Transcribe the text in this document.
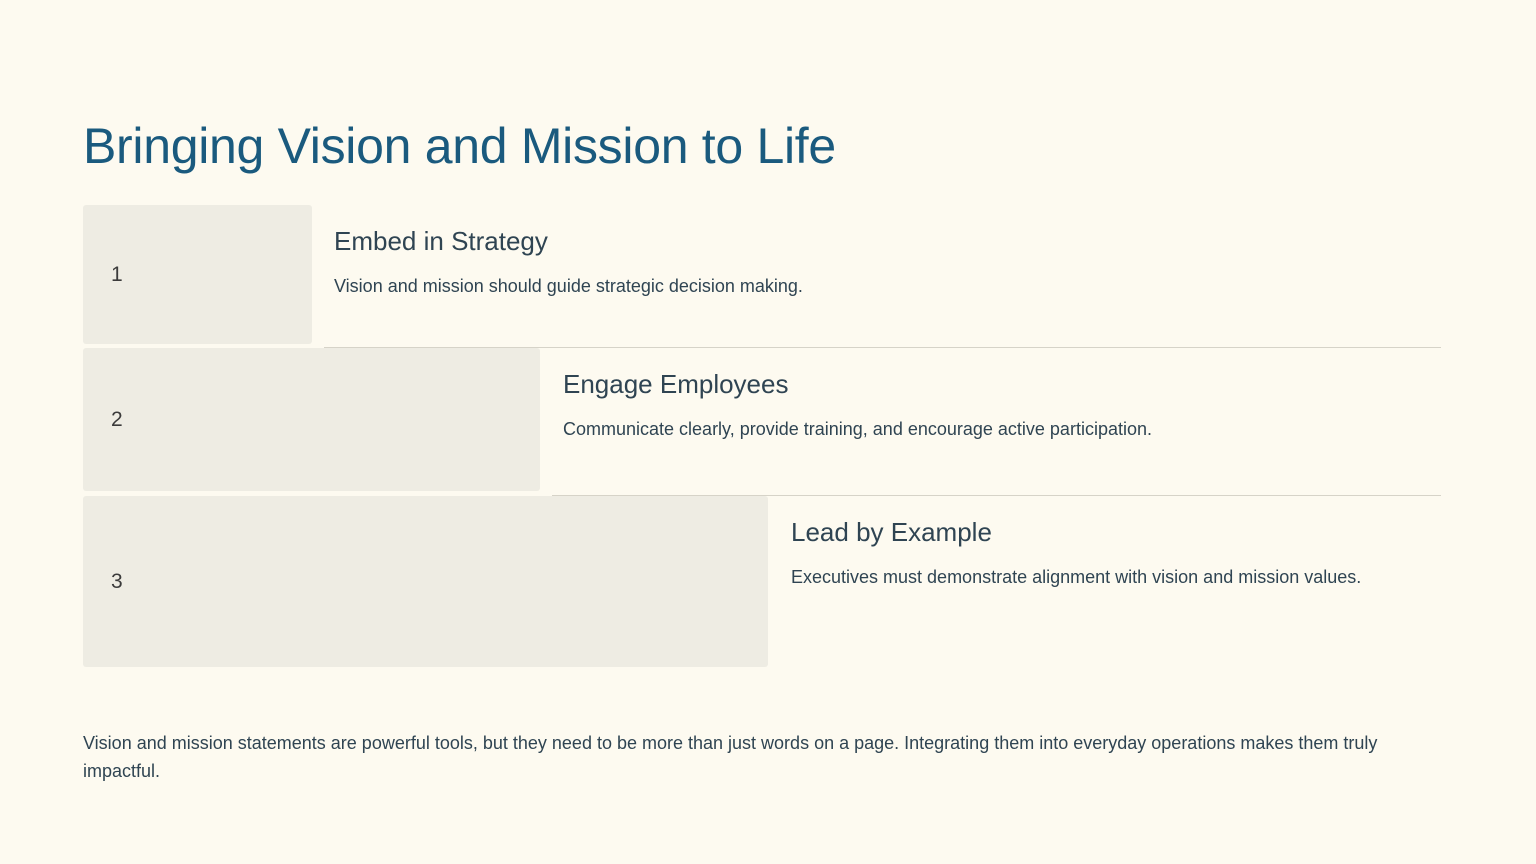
Bringing Vision and Mission to Life
1
Embed in Strategy

Vision and mission should guide strategic decision making.

2
Engage Employees

Communicate clearly, provide training, and encourage active participation.

3
Lead by Example

Executives must demonstrate alignment with vision and mission values.

Vision and mission statements are powerful tools, but they need to be more than just words on a page. Integrating them into everyday operations makes them truly impactful.
